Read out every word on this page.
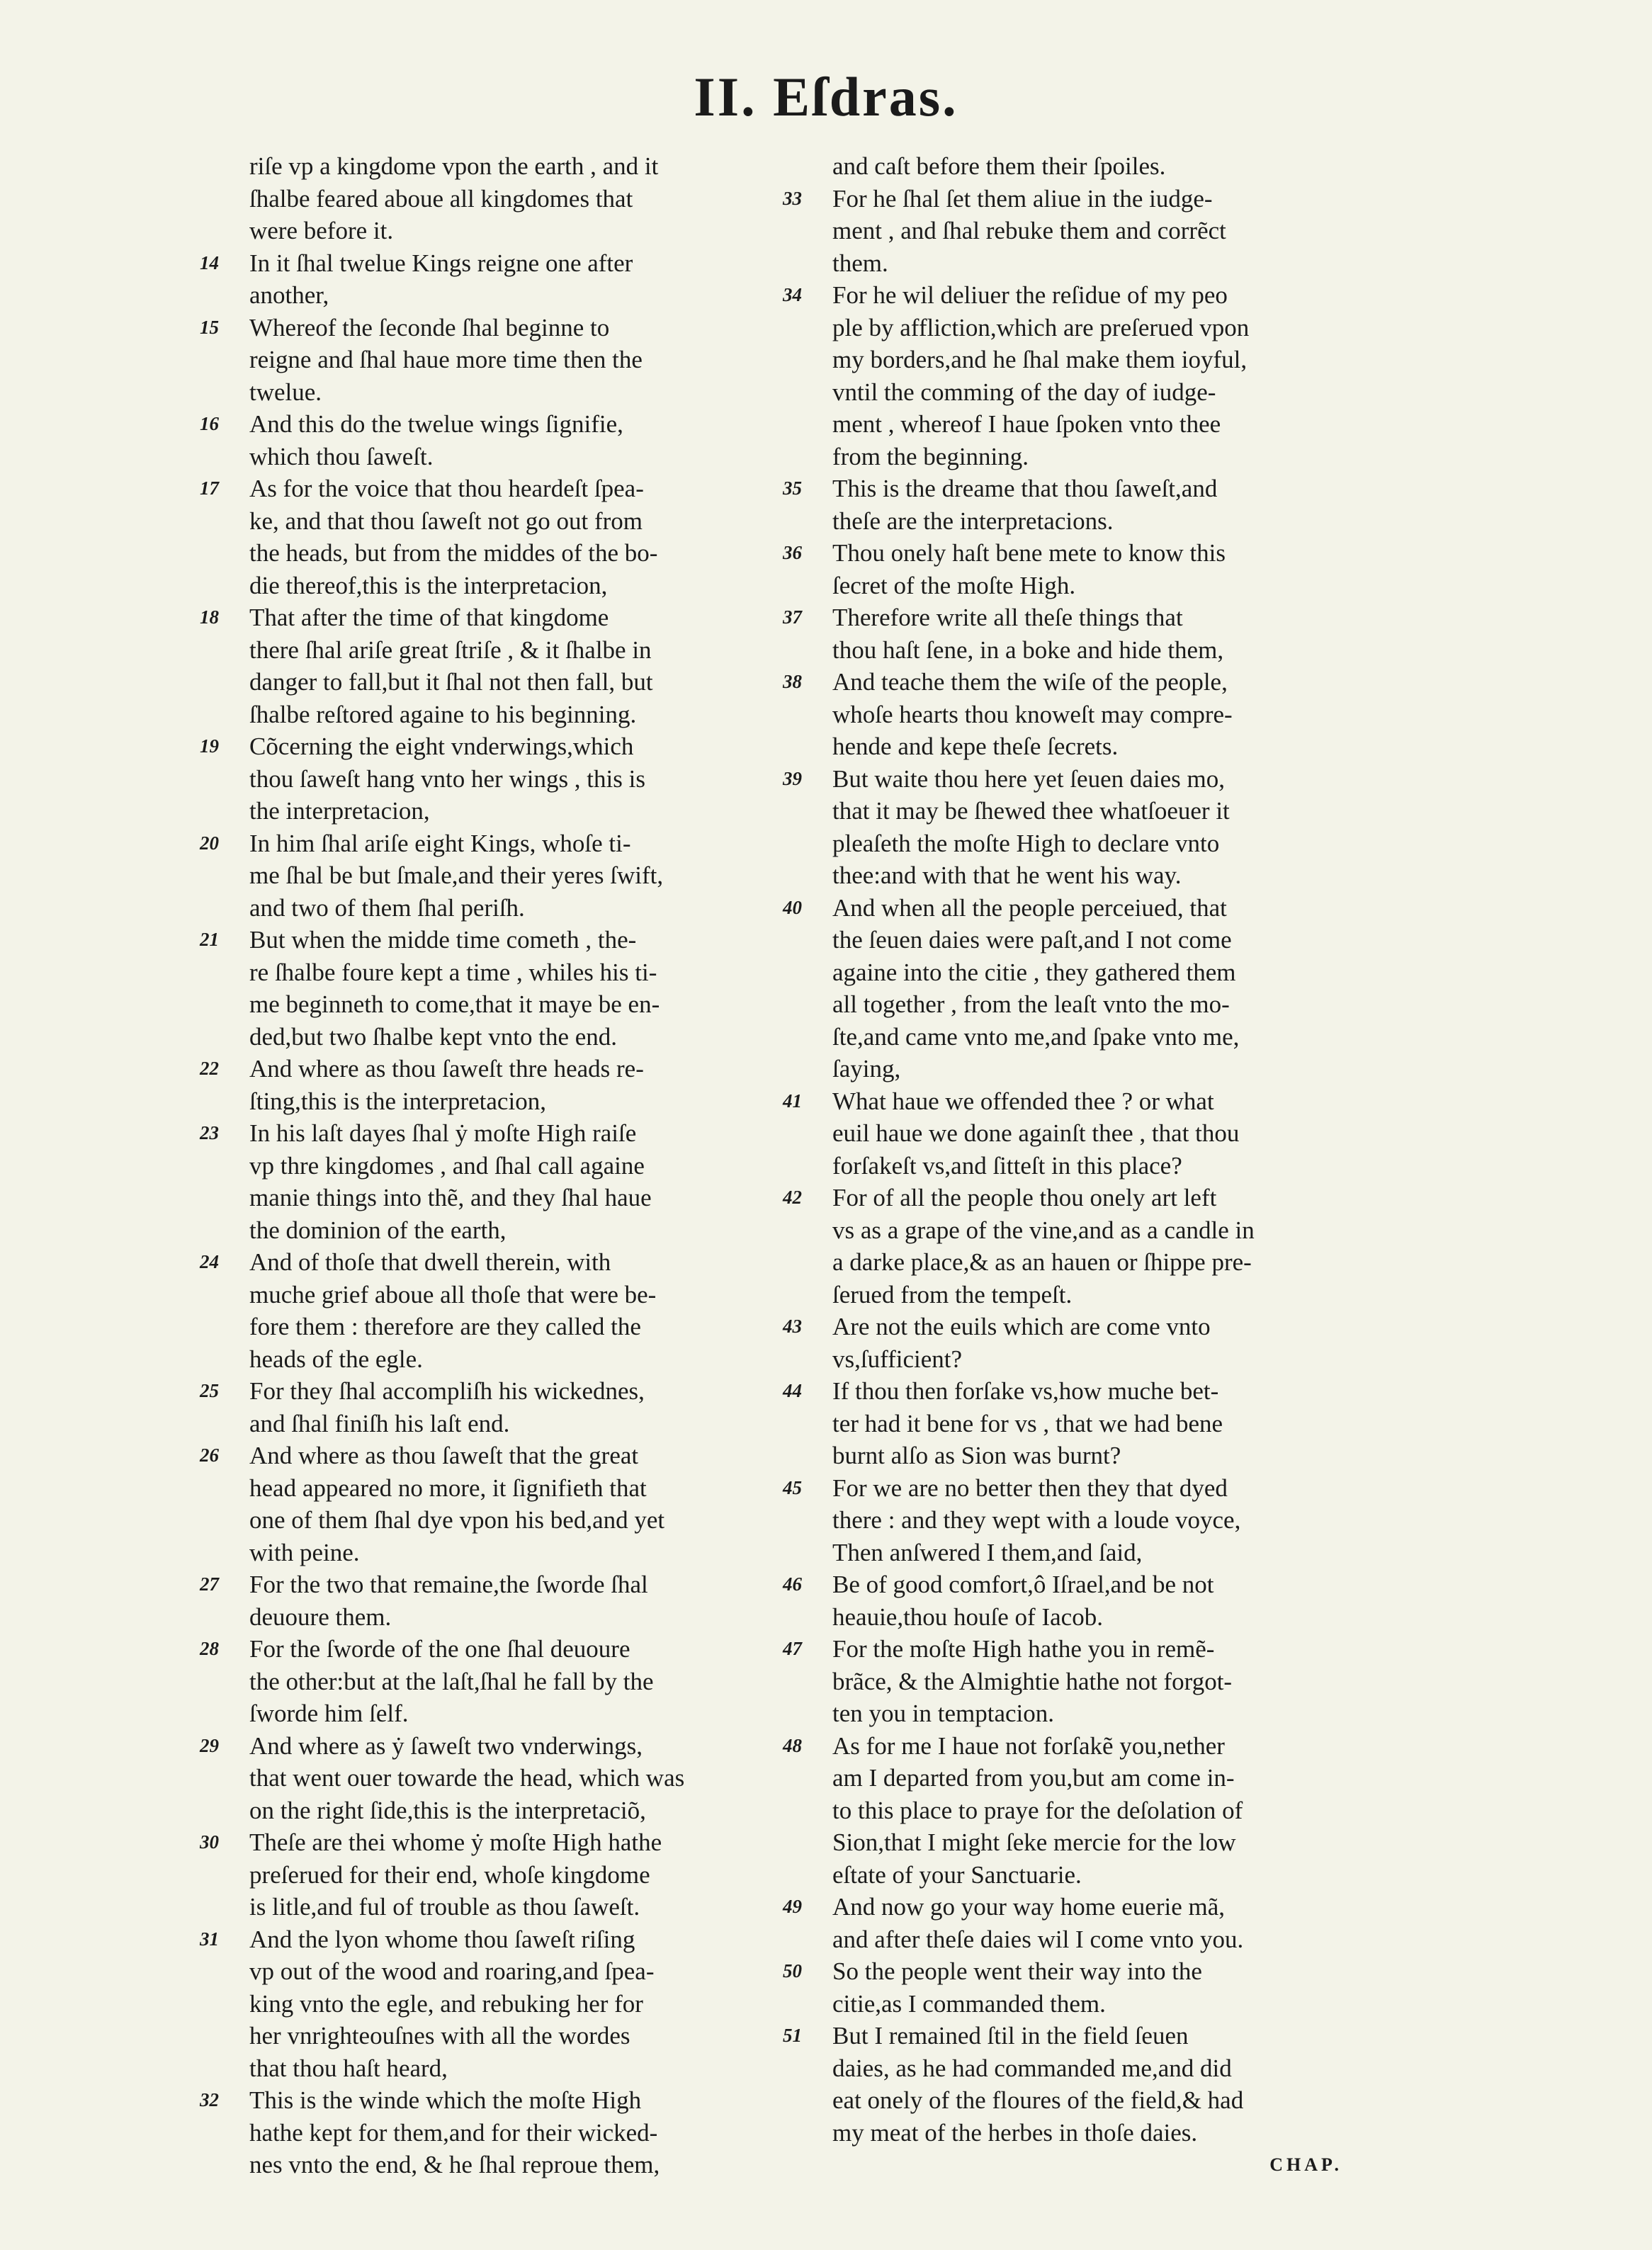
II. Eſdras.
riſe vp a kingdome vpon the earth , and it
ſhalbe feared aboue all kingdomes that
were before it.
14 In it ſhal twelue Kings reigne one after
another,
15 Whereof the ſeconde ſhal beginne to
reigne and ſhal haue more time then the
twelue.
16 And this do the twelue wings ſignifie,
which thou ſaweſt.
17 As for the voice that thou heardeſt ſpea-
ke, and that thou ſaweſt not go out from
the heads, but from the middes of the bo-
die thereof,this is the interpretacion,
18 That after the time of that kingdome
there ſhal ariſe great ſtriſe , & it ſhalbe in
danger to fall,but it ſhal not then fall, but
ſhalbe reſtored againe to his beginning.
19 Cõcerning the eight vnderwings,which
thou ſaweſt hang vnto her wings , this is
the interpretacion,
20 In him ſhal ariſe eight Kings, whoſe ti-
me ſhal be but ſmale,and their yeres ſwift,
and two of them ſhal periſh.
21 But when the midde time cometh , the-
re ſhalbe foure kept a time , whiles his ti-
me beginneth to come,that it maye be en-
ded,but two ſhalbe kept vnto the end.
22 And where as thou ſaweſt thre heads re-
ſting,this is the interpretacion,
23 In his laſt dayes ſhal ẏ moſte High raiſe
vp thre kingdomes , and ſhal call againe
manie things into thẽ, and they ſhal haue
the dominion of the earth,
24 And of thoſe that dwell therein, with
muche grief aboue all thoſe that were be-
fore them : therefore are they called the
heads of the egle.
25 For they ſhal accompliſh his wickednes,
and ſhal finiſh his laſt end.
26 And where as thou ſaweſt that the great
head appeared no more, it ſignifieth that
one of them ſhal dye vpon his bed,and yet
with peine.
27 For the two that remaine,the ſworde ſhal
deuoure them.
28 For the ſworde of the one ſhal deuoure
the other:but at the laſt,ſhal he fall by the
ſworde him ſelf.
29 And where as ẏ ſaweſt two vnderwings,
that went ouer towarde the head, which was
on the right ſide,this is the interpretaciõ,
30 Theſe are thei whome ẏ moſte High hathe
preſerued for their end, whoſe kingdome
is litle,and ful of trouble as thou ſaweſt.
31 And the lyon whome thou ſaweſt riſing
vp out of the wood and roaring,and ſpea-
king vnto the egle, and rebuking her for
her vnrighteouſnes with all the wordes
that thou haſt heard,
32 This is the winde which the moſte High
hathe kept for them,and for their wicked-
nes vnto the end, & he ſhal reproue them,
and caſt before them their ſpoiles.
33 For he ſhal ſet them aliue in the iudge-
ment , and ſhal rebuke them and corrẽct
them.
34 For he wil deliuer the reſidue of my peo
ple by affliction,which are preſerued vpon
my borders,and he ſhal make them ioyful,
vntil the comming of the day of iudge-
ment , whereof I haue ſpoken vnto thee
from the beginning.
35 This is the dreame that thou ſaweſt,and
theſe are the interpretacions.
36 Thou onely haſt bene mete to know this
ſecret of the moſte High.
37 Therefore write all theſe things that
thou haſt ſene, in a boke and hide them,
38 And teache them the wiſe of the people,
whoſe hearts thou knoweſt may compre-
hende and kepe theſe ſecrets.
39 But waite thou here yet ſeuen daies mo,
that it may be ſhewed thee whatſoeuer it
pleaſeth the moſte High to declare vnto
thee:and with that he went his way.
40 And when all the people perceiued, that
the ſeuen daies were paſt,and I not come
againe into the citie , they gathered them
all together , from the leaſt vnto the mo-
ſte,and came vnto me,and ſpake vnto me,
ſaying,
41 What haue we offended thee ? or what
euil haue we done againſt thee , that thou
forſakeſt vs,and ſitteſt in this place?
42 For of all the people thou onely art left
vs as a grape of the vine,and as a candle in
a darke place,& as an hauen or ſhippe pre-
ſerued from the tempeſt.
43 Are not the euils which are come vnto
vs,ſufficient?
44 If thou then forſake vs,how muche bet-
ter had it bene for vs , that we had bene
burnt alſo as Sion was burnt?
45 For we are no better then they that dyed
there : and they wept with a loude voyce,
Then anſwered I them,and ſaid,
46 Be of good comfort,ô Iſrael,and be not
heauie,thou houſe of Iacob.
47 For the moſte High hathe you in remẽ-
brãce, & the Almightie hathe not forgot-
ten you in temptacion.
48 As for me I haue not forſakẽ you,nether
am I departed from you,but am come in-
to this place to praye for the deſolation of
Sion,that I might ſeke mercie for the low
eſtate of your Sanctuarie.
49 And now go your way home euerie mã,
and after theſe daies wil I come vnto you.
50 So the people went their way into the
citie,as I commanded them.
51 But I remained ſtil in the field ſeuen
daies, as he had commanded me,and did
eat onely of the floures of the field,& had
my meat of the herbes in thoſe daies.
CHAP.
